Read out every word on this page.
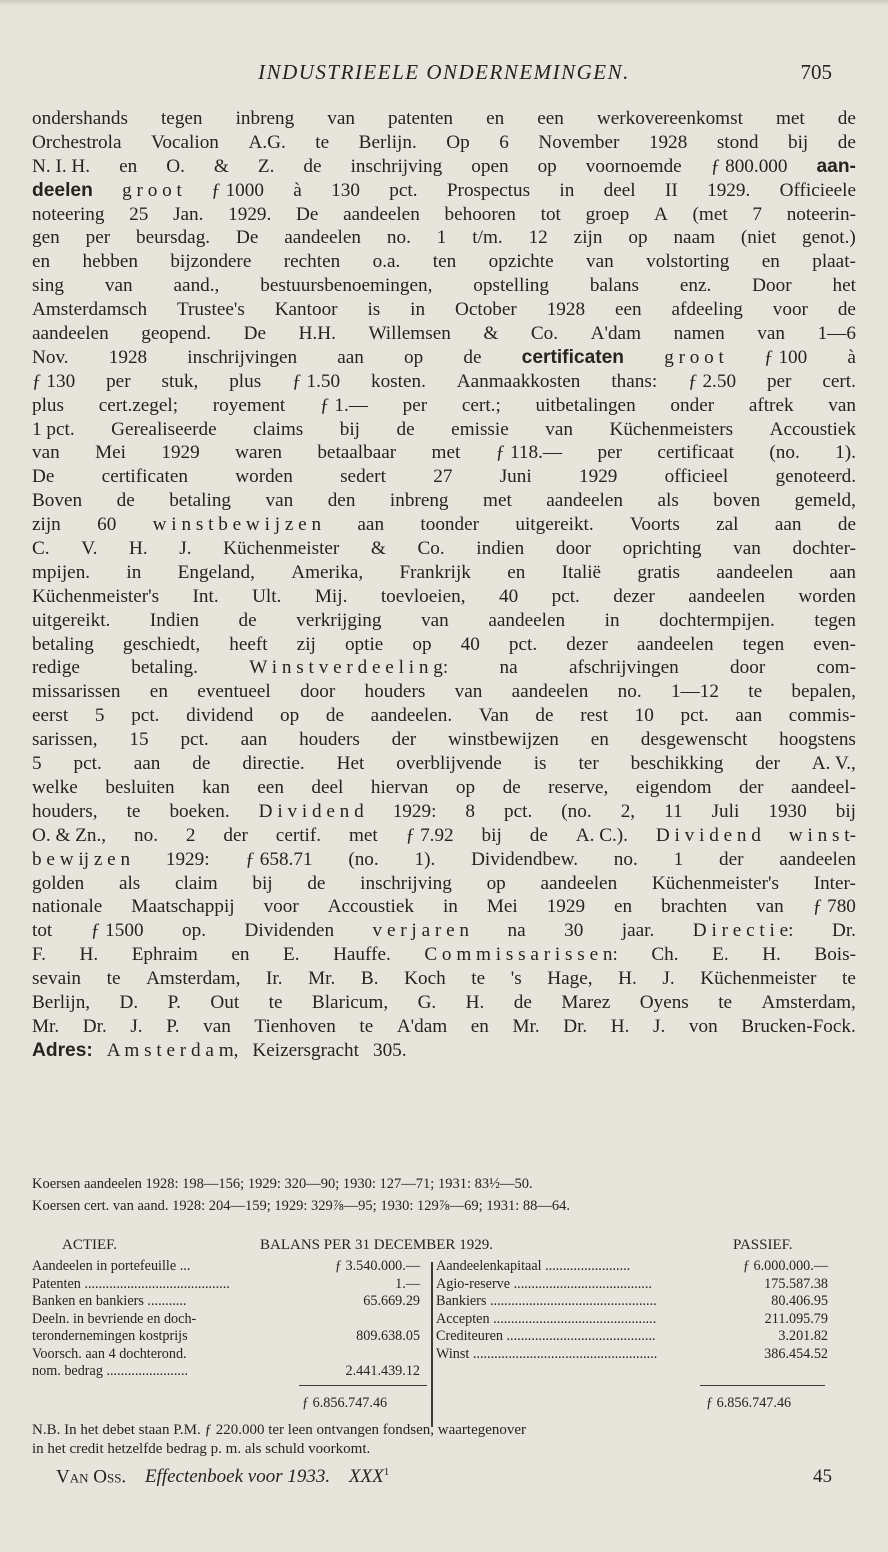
INDUSTRIEELE ONDERNEMINGEN.	705
ondershands tegen inbreng van patenten en een werkovereenkomst met de
Orchestrola Vocalion A.G. te Berlijn. Op 6 November 1928 stond bij de
N. I. H. en O. & Z. de inschrijving open op voornoemde ƒ 800.000 aan-
deelen g r o o t ƒ 1000 à 130 pct. Prospectus in deel II 1929. Officieele
noteering 25 Jan. 1929. De aandeelen behooren tot groep A (met 7 noteerin-
gen per beursdag. De aandeelen no. 1 t/m. 12 zijn op naam (niet genot.)
en hebben bijzondere rechten o.a. ten opzichte van volstorting en plaat-
sing van aand., bestuursbenoemingen, opstelling balans enz. Door het
Amsterdamsch Trustee's Kantoor is in October 1928 een afdeeling voor de
aandeelen geopend. De H.H. Willemsen & Co. A'dam namen van 1—6
Nov. 1928 inschrijvingen aan op de certificaten g r o o t ƒ 100 à
ƒ 130 per stuk, plus ƒ 1.50 kosten. Aanmaakkosten thans: ƒ 2.50 per cert.
plus cert.zegel; royement ƒ 1.— per cert.; uitbetalingen onder aftrek van
1 pct. Gerealiseerde claims bij de emissie van Küchenmeisters Accoustiek
van Mei 1929 waren betaalbaar met ƒ 118.— per certificaat (no. 1).
De certificaten worden sedert 27 Juni 1929 officieel genoteerd.
Boven de betaling van den inbreng met aandeelen als boven gemeld,
zijn 60 w i n s t b e w i j z e n aan toonder uitgereikt. Voorts zal aan de
C. V. H. J. Küchenmeister & Co. indien door oprichting van dochter-
mpijen. in Engeland, Amerika, Frankrijk en Italië gratis aandeelen aan
Küchenmeister's Int. Ult. Mij. toevloeien, 40 pct. dezer aandeelen worden
uitgereikt. Indien de verkrijging van aandeelen in dochtermpijen. tegen
betaling geschiedt, heeft zij optie op 40 pct. dezer aandeelen tegen even-
redige	betaling.	W i n s t v e r d e e l i n g:	na	afschrijvingen	door	com-
missarissen en eventueel door houders van aandeelen no. 1—12 te bepalen,
eerst 5 pct. dividend op de aandeelen. Van de rest 10 pct. aan commis-
sarissen, 15 pct. aan houders der winstbewijzen en desgewenscht hoogstens
5 pct. aan de directie. Het overblijvende is ter beschikking der A. V.,
welke besluiten kan een deel hiervan op de reserve, eigendom der aandeel-
houders, te boeken. D i v i d e n d 1929: 8 pct. (no. 2, 11 Juli 1930 bij
O. & Zn., no. 2 der certif. met ƒ 7.92 bij de A. C.). D i v i d e n d w i n s t-
b e w ij z e n 1929: ƒ 658.71 (no. 1). Dividendbew. no. 1 der aandeelen
golden als claim bij de inschrijving op aandeelen Küchenmeister's Inter-
nationale Maatschappij voor Accoustiek in Mei 1929 en brachten van ƒ 780
tot ƒ 1500 op. Dividenden v e r j a r e n na 30 jaar. D i r e c t i e: Dr.
F. H. Ephraim en E. Hauffe. C o m m i s s a r i s s e n: Ch. E. H. Bois-
sevain te Amsterdam, Ir. Mr. B. Koch te 's Hage, H. J. Küchenmeister te
Berlijn, D. P. Out te Blaricum, G. H. de Marez Oyens te Amsterdam,
Mr. Dr. J. P. van Tienhoven te A'dam en Mr. Dr. H. J. von Brucken-Fock.
Adres: A m s t e r d a m, Keizersgracht 305.
Koersen aandeelen 1928: 198—156; 1929: 320—90; 1930: 127—71; 1931: 83½—50.
Koersen cert. van aand. 1928: 204—159; 1929: 329⅞—95; 1930: 129⅞—69; 1931: 88—64.
ACTIEF.	BALANS PER 31 DECEMBER 1929.	PASSIEF.
Aandeelen in portefeuille ...	ƒ 3.540.000.— Aandeelenkapitaal ........................	ƒ 6.000.000.—
Patenten .........................................	1.— Agio-reserve .......................................	175.587.38
Banken en bankiers ...........	65.669.29 Bankiers ...............................................	80.406.95
Deeln. in bevriende en doch-	Accepten ..............................................	211.095.79
terondernemingen kostprijs	809.638.05 Crediteuren ..........................................	3.201.82
Voorsch. aan 4 dochterond.	Winst ....................................................	386.454.52
nom. bedrag .......................	2.441.439.12
ƒ 6.856.747.46	ƒ 6.856.747.46
N.B. In het debet staan P.M. ƒ 220.000 ter leen ontvangen fondsen, waartegenover
in het credit hetzelfde bedrag p. m. als schuld voorkomt.
Van Oss. Effectenboek voor 1933. XXX$^1$	45
